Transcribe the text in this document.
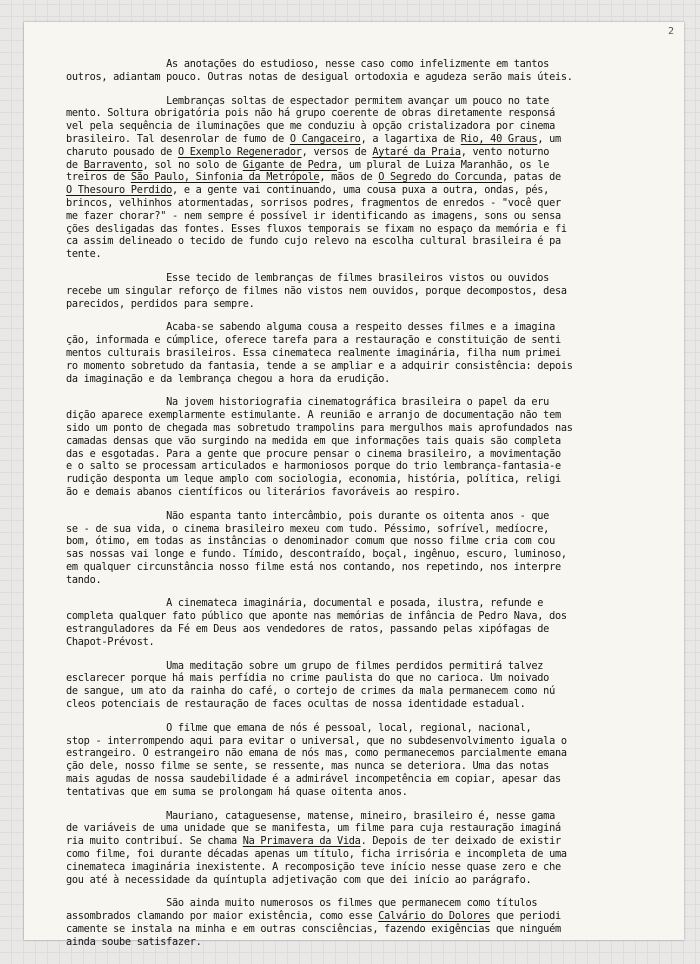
2
As anotações do estudioso, nesse caso como infelizmente em tantos
outros, adiantam pouco. Outras notas de desigual ortodoxia e agudeza serão mais úteis.
Lembranças soltas de espectador permitem avançar um pouco no tate
mento. Soltura obrigatória pois não há grupo coerente de obras diretamente responsá
vel pela sequência de iluminações que me conduziu à opção cristalizadora por cinema
brasileiro. Tal desenrolar de fumo de O Cangaceiro, a lagartixa de Rio, 40 Graus, um
charuto pousado de O Exemplo Regenerador, versos de Aytaré da Praia, vento noturno
de Barravento, sol no solo de Gigante de Pedra, um plural de Luiza Maranhão, os le
treiros de São Paulo, Sinfonia da Metrópole, mãos de O Segredo do Corcunda, patas de
O Thesouro Perdido, e a gente vai continuando, uma cousa puxa a outra, ondas, pés,
brincos, velhinhos atormentadas, sorrisos podres, fragmentos de enredos - "você quer
me fazer chorar?" - nem sempre é possível ir identificando as imagens, sons ou sensa
ções desligadas das fontes. Esses fluxos temporais se fixam no espaço da memória e fi
ca assim delineado o tecido de fundo cujo relevo na escolha cultural brasileira é pa
tente.
Esse tecido de lembranças de filmes brasileiros vistos ou ouvidos
recebe um singular reforço de filmes não vistos nem ouvidos, porque decompostos, desa
parecidos, perdidos para sempre.
Acaba-se sabendo alguma cousa a respeito desses filmes e a imagina
ção, informada e cúmplice, oferece tarefa para a restauração e constituição de senti
mentos culturais brasileiros. Essa cinemateca realmente imaginária, filha num primei
ro momento sobretudo da fantasia, tende a se ampliar e a adquirir consistência: depois
da imaginação e da lembrança chegou a hora da erudição.
Na jovem historiografia cinematográfica brasileira o papel da eru
dição aparece exemplarmente estimulante. A reunião e arranjo de documentação não tem
sido um ponto de chegada mas sobretudo trampolins para mergulhos mais aprofundados nas
camadas densas que vão surgindo na medida em que informações tais quais são completa
das e esgotadas. Para a gente que procure pensar o cinema brasileiro, a movimentação
e o salto se processam articulados e harmoniosos porque do trio lembrança-fantasia-e
rudição desponta um leque amplo com sociologia, economia, história, política, religi
ão e demais abanos científicos ou literários favoráveis ao respiro.
Não espanta tanto intercâmbio, pois durante os oitenta anos - que
se - de sua vida, o cinema brasileiro mexeu com tudo. Péssimo, sofrível, medíocre,
bom, ótimo, em todas as instâncias o denominador comum que nosso filme cria com cou
sas nossas vai longe e fundo. Tímido, descontraído, boçal, ingênuo, escuro, luminoso,
em qualquer circunstância nosso filme está nos contando, nos repetindo, nos interpre
tando.
A cinemateca imaginária, documental e posada, ilustra, refunde e
completa qualquer fato público que aponte nas memórias de infância de Pedro Nava, dos
estranguladores da Fé em Deus aos vendedores de ratos, passando pelas xipófagas de
Chapot-Prévost.
Uma meditação sobre um grupo de filmes perdidos permitirá talvez
esclarecer porque há mais perfídia no crime paulista do que no carioca. Um noivado
de sangue, um ato da rainha do café, o cortejo de crimes da mala permanecem como nú
cleos potenciais de restauração de faces ocultas de nossa identidade estadual.
O filme que emana de nós é pessoal, local, regional, nacional,
stop - interrompendo aqui para evitar o universal, que no subdesenvolvimento iguala o
estrangeiro. O estrangeiro não emana de nós mas, como permanecemos parcialmente emana
ção dele, nosso filme se sente, se ressente, mas nunca se deteriora. Uma das notas
mais agudas de nossa saudebilidade é a admirável incompetência em copiar, apesar das
tentativas que em suma se prolongam há quase oitenta anos.
Mauriano, cataguesense, matense, mineiro, brasileiro é, nesse gama
de variáveis de uma unidade que se manifesta, um filme para cuja restauração imaginá
ria muito contribuí. Se chama Na Primavera da Vida. Depois de ter deixado de existir
como filme, foi durante décadas apenas um título, ficha irrisória e incompleta de uma
cinemateca imaginária inexistente. A recomposição teve início nesse quase zero e che
gou até à necessidade da quíntupla adjetivação com que dei início ao parágrafo.
São ainda muito numerosos os filmes que permanecem como títulos
assombrados clamando por maior existência, como esse Calvário do Dolores que periodi
camente se instala na minha e em outras consciências, fazendo exigências que ninguém
ainda soube satisfazer.
